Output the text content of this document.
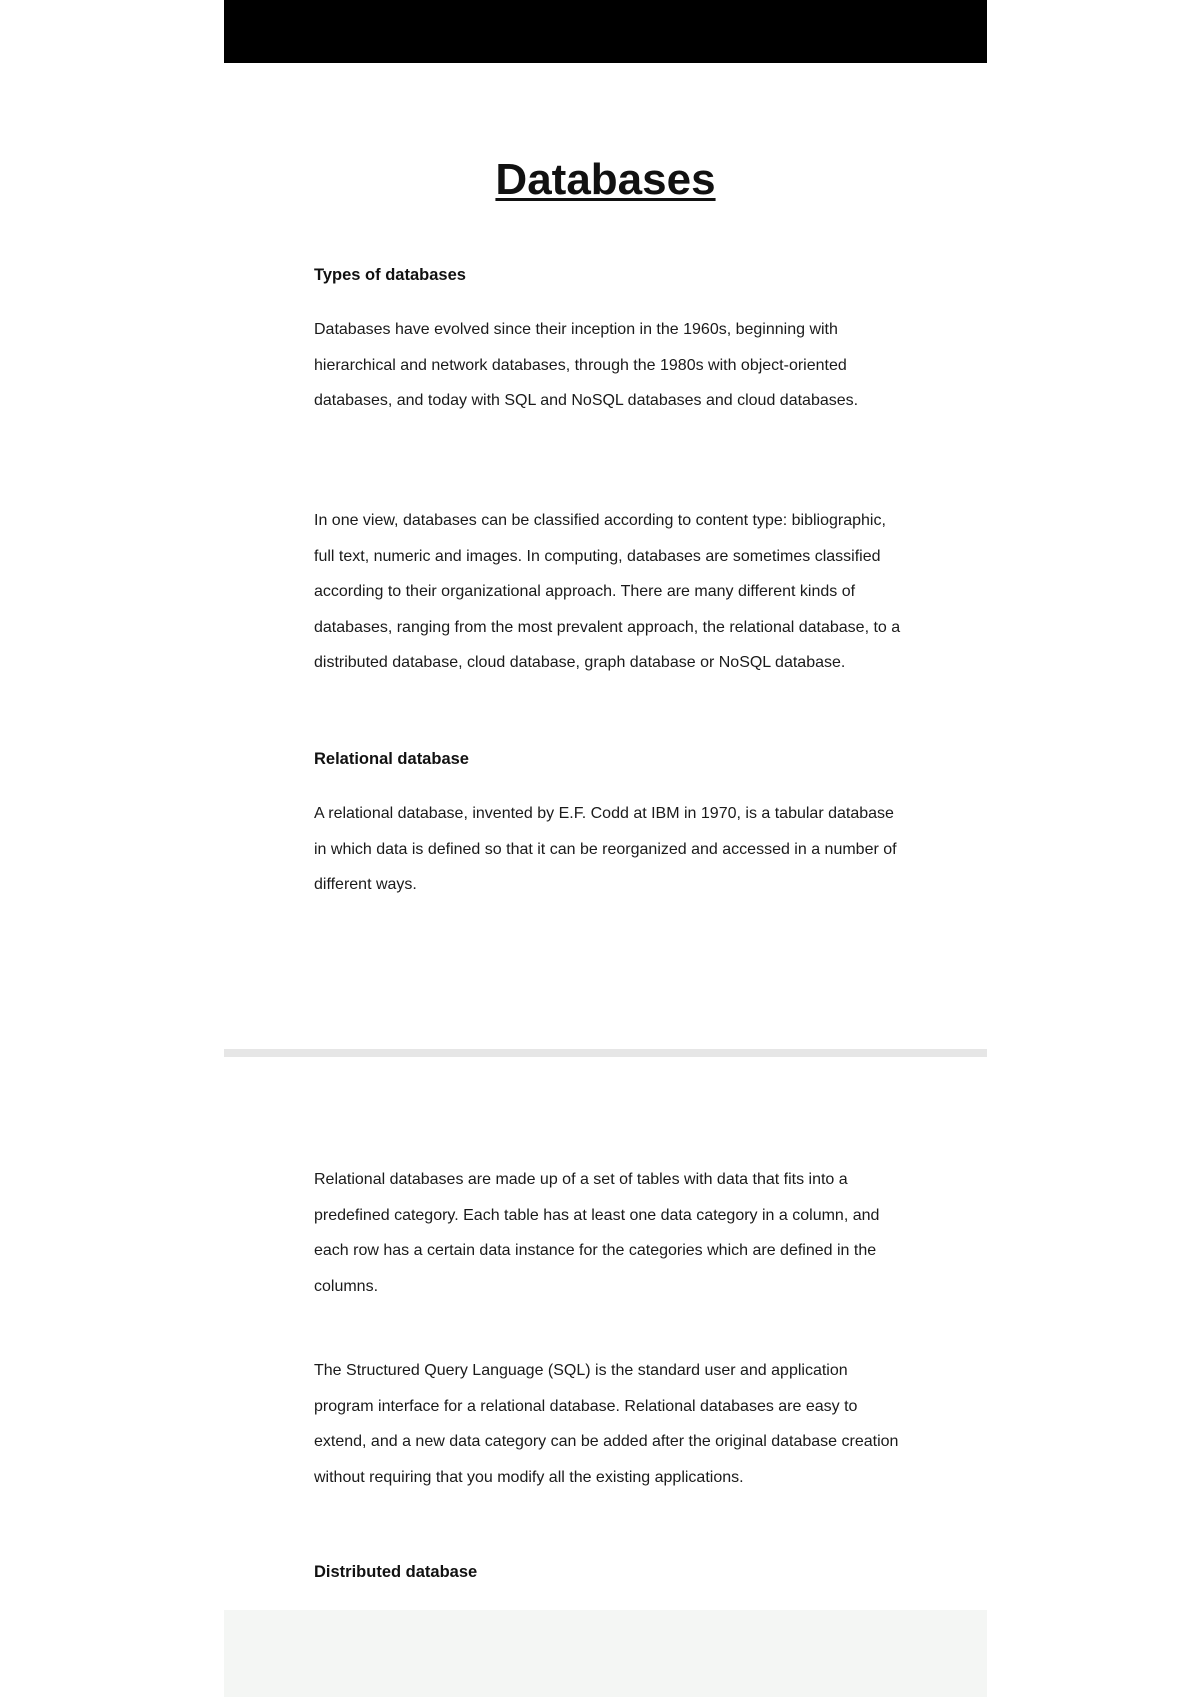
Databases
Types of databases

Databases have evolved since their inception in the 1960s, beginning with hierarchical and network databases, through the 1980s with object-oriented databases, and today with SQL and NoSQL databases and cloud databases.

In one view, databases can be classified according to content type: bibliographic, full text, numeric and images. In computing, databases are sometimes classified according to their organizational approach. There are many different kinds of databases, ranging from the most prevalent approach, the relational database, to a distributed database, cloud database, graph database or NoSQL database.

Relational database

A relational database, invented by E.F. Codd at IBM in 1970, is a tabular database in which data is defined so that it can be reorganized and accessed in a number of different ways.

Relational databases are made up of a set of tables with data that fits into a predefined category. Each table has at least one data category in a column, and each row has a certain data instance for the categories which are defined in the columns.

The Structured Query Language (SQL) is the standard user and application program interface for a relational database. Relational databases are easy to extend, and a new data category can be added after the original database creation without requiring that you modify all the existing applications.

Distributed database
